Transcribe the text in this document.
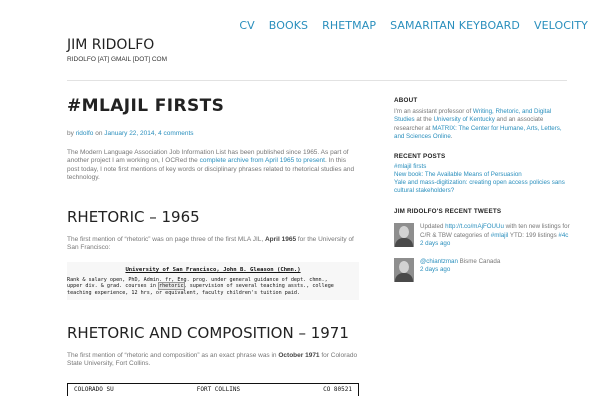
CV BOOKS RHETMAP SAMARITAN KEYBOARD VELOCITY
JIM RIDOLFO
RIDOLFO [AT] GMAIL [DOT] COM
#MLAJIL FIRSTS
by ridolfo on January 22, 2014, 4 comments

The Modern Language Association Job Information List has been published since 1965. As part of another project I am working on, I OCRed the complete archive from April 1965 to present. In this post today, I note first mentions of key words or disciplinary phrases related to rhetorical studies and technology.

RHETORIC – 1965

The first mention of “rhetoric” was on page three of the first MLA JIL, April 1965 for the University of San Francisco:

University of San Francisco, John B. Gleason (Chmn.)
Rank & salary open, PhD, Admin. fr, Eng. prog. under general guidance of dept. chmn.,
upper div. & grad. courses in rhetoric, supervision of several teaching assts., college
teaching experience, 12 hrs, or equivalent, faculty children's tuition paid.
RHETORIC AND COMPOSITION – 1971

The first mention of “rhetoric and composition” as an exact phrase was in October 1971 for Colorado State University, Fort Collins.

COLORADO SU	FORT COLLINS	CO 80521
ABOUT
I'm an assistant professor of Writing, Rhetoric, and Digital Studies at the University of Kentucky and an associate researcher at MATRIX: The Center for Humane, Arts, Letters, and Sciences Online.
RECENT POSTS
#mlajil firsts
New book: The Available Means of Persuasion
Yale and mass-digitization: creating open access policies sans cultural stakeholders?
JIM RIDOLFO'S RECENT TWEETS
Updated http://t.co/mAjFOUUu with ten new listings for C/R & TBW categories of #mlajil YTD: 199 listings #4c
2 days ago
@chiantzman Bisme Canada
2 days ago
